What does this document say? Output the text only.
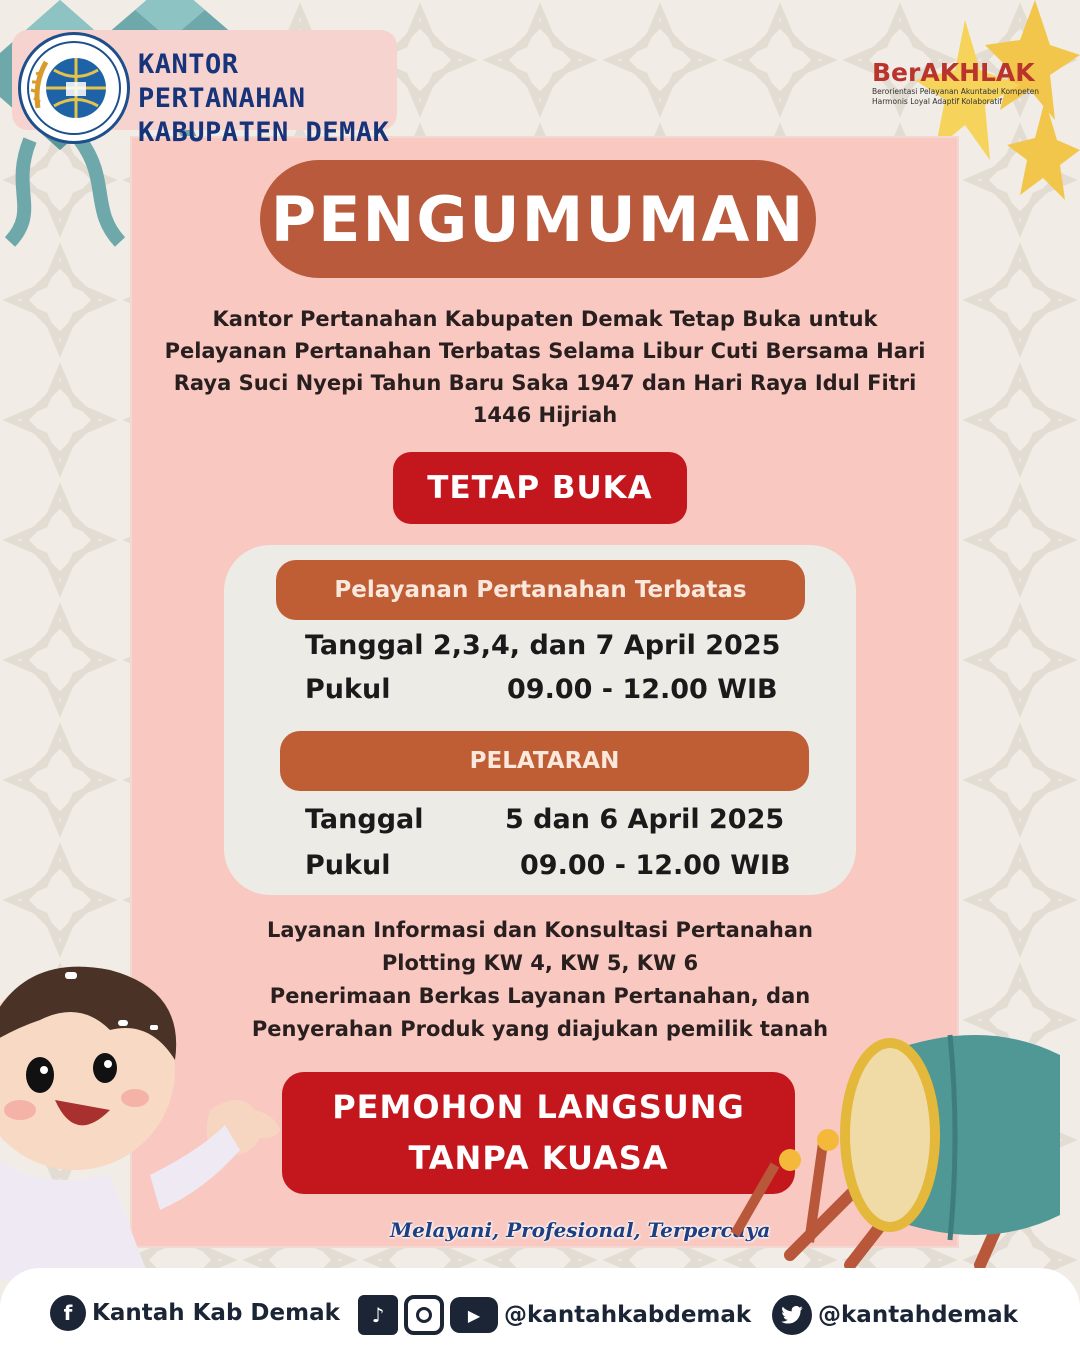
KANTOR PERTANAHAN
KABUPATEN DEMAK
BerAKHLAK
Berorientasi Pelayanan Akuntabel Kompeten
Harmonis Loyal Adaptif Kolaboratif
PENGUMUMAN
Kantor Pertanahan Kabupaten Demak Tetap Buka untuk
Pelayanan Pertanahan Terbatas Selama Libur Cuti Bersama Hari
Raya Suci Nyepi Tahun Baru Saka 1947 dan Hari Raya Idul Fitri
1446 Hijriah
TETAP BUKA
Pelayanan Pertanahan Terbatas
Tanggal 2,3,4, dan 7 April 2025
Pukul	09.00 - 12.00 WIB
PELATARAN
Tanggal	5 dan 6 April 2025
Pukul	09.00 - 12.00 WIB
Layanan Informasi dan Konsultasi Pertanahan
Plotting KW 4, KW 5, KW 6
Penerimaan Berkas Layanan Pertanahan, dan
Penyerahan Produk yang diajukan pemilik tanah
PEMOHON LANGSUNG
TANPA KUASA
Melayani, Profesional, Terpercaya
f Kantah Kab Demak	♪	▶	@kantahkabdemak	@kantahdemak
